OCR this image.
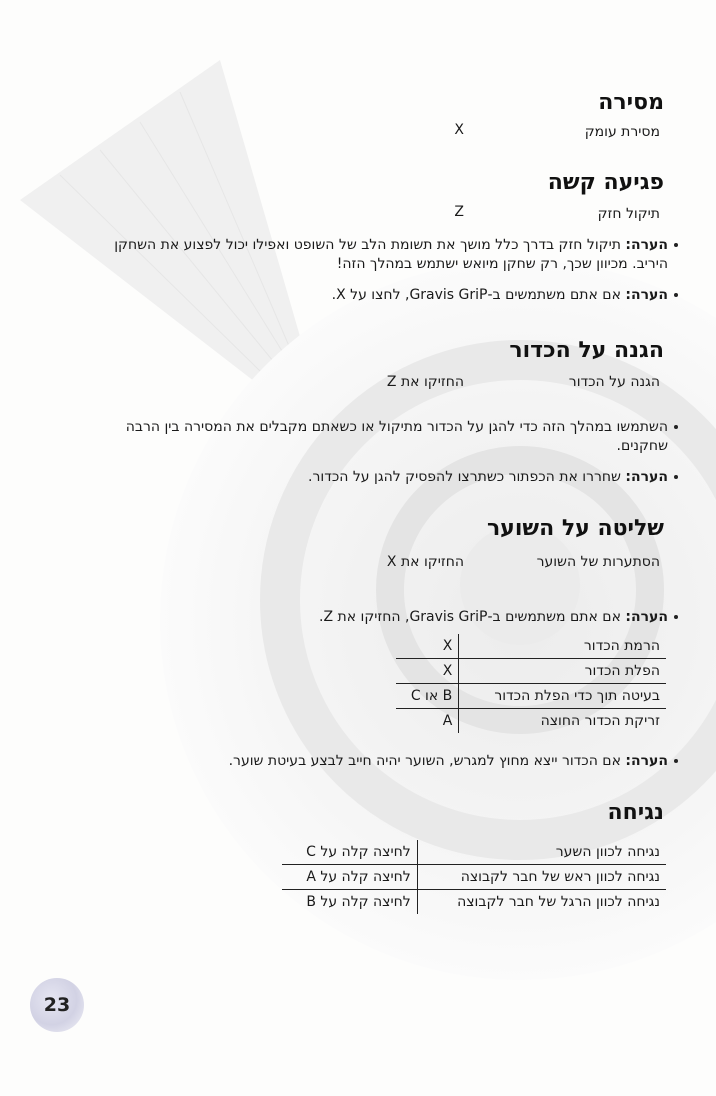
מסירה
מסירת עומק
X
פגיעה קשה
תיקול חזק
Z
הערה: תיקול חזק בדרך כלל מושך את תשומת הלב של השופט ואפילו יכול לפצוע את השחקן היריב. מכיוון שכך, רק שחקן מיואש ישתמש במהלך הזה!
הערה: אם אתם משתמשים ב-Gravis GriP, לחצו על X.
הגנה על הכדור
הגנה על הכדור
החזיקו את Z
השתמשו במהלך הזה כדי להגן על הכדור מתיקול או כשאתם מקבלים את המסירה בין הרבה שחקנים.
הערה: שחררו את הכפתור כשתרצו להפסיק להגן על הכדור.
שליטה על השוער
הסתערות של השוער
החזיקו את X
הערה: אם אתם משתמשים ב-Gravis GriP, החזיקו את Z.
הרמת הכדור	X
הפלת הכדור	X
בעיטה תוך כדי הפלת הכדור	B או C
זריקת הכדור החוצה	A
הערה: אם הכדור ייצא מחוץ למגרש, השוער יהיה חייב לבצע בעיטת שוער.
נגיחה
נגיחה לכוון השער	לחיצה קלה על C
נגיחה לכוון ראש של חבר לקבוצה	לחיצה קלה על A
נגיחה לכוון הרגל של חבר לקבוצה	לחיצה קלה על B
23
